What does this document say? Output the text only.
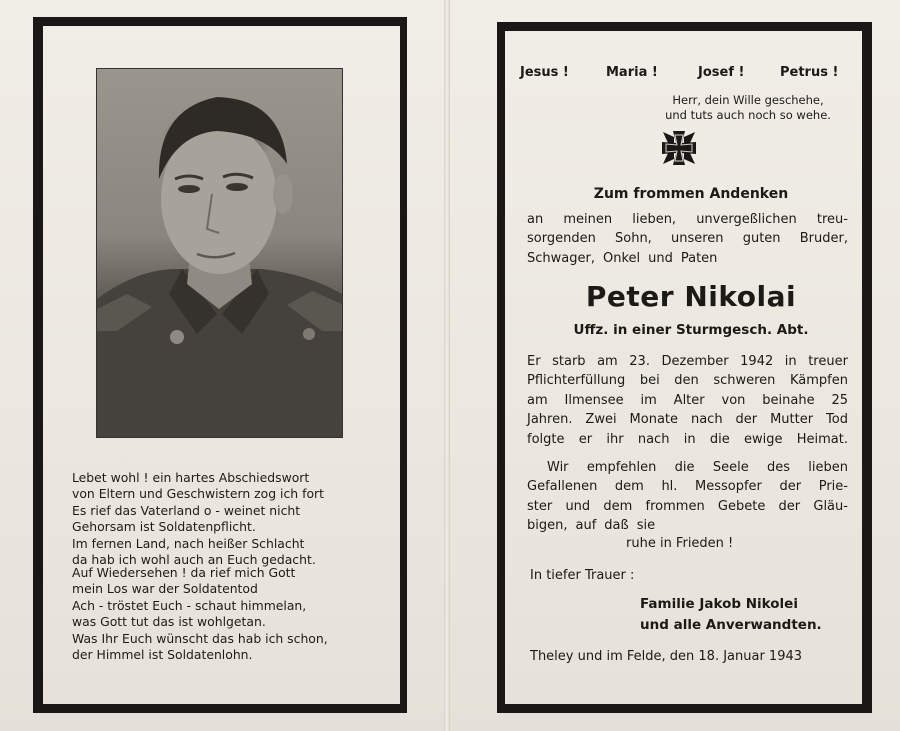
Lebet wohl ! ein hartes Abschiedswort
von Eltern und Geschwistern zog ich fort
Es rief das Vaterland o - weinet nicht
Gehorsam ist Soldatenpflicht.
Im fernen Land, nach heißer Schlacht
da hab ich wohl auch an Euch gedacht.
Auf Wiedersehen ! da rief mich Gott
mein Los war der Soldatentod
Ach - tröstet Euch - schaut himmelan,
was Gott tut das ist wohlgetan.
Was Ihr Euch wünscht das hab ich schon,
der Himmel ist Soldatenlohn.
Jesus !	Maria !	Josef !	Petrus !
Herr, dein Wille geschehe,
und tuts auch noch so wehe.
Zum frommen Andenken
an meinen lieben, unvergeßlichen treu-
sorgenden Sohn, unseren guten Bruder,
Schwager, Onkel und Paten
Peter Nikolai
Uffz. in einer Sturmgesch. Abt.
Er starb am 23. Dezember 1942 in treuer
Pflichterfüllung bei den schweren Kämpfen
am Ilmensee im Alter von beinahe 25
Jahren. Zwei Monate nach der Mutter Tod
folgte er ihr nach in die ewige Heimat.
Wir empfehlen die Seele des lieben
Gefallenen dem hl. Messopfer der Prie-
ster und dem frommen Gebete der Gläu-
bigen, auf daß sie
ruhe in Frieden !
In tiefer Trauer :
Familie Jakob Nikolei
und alle Anverwandten.
Theley und im Felde, den 18. Januar 1943
